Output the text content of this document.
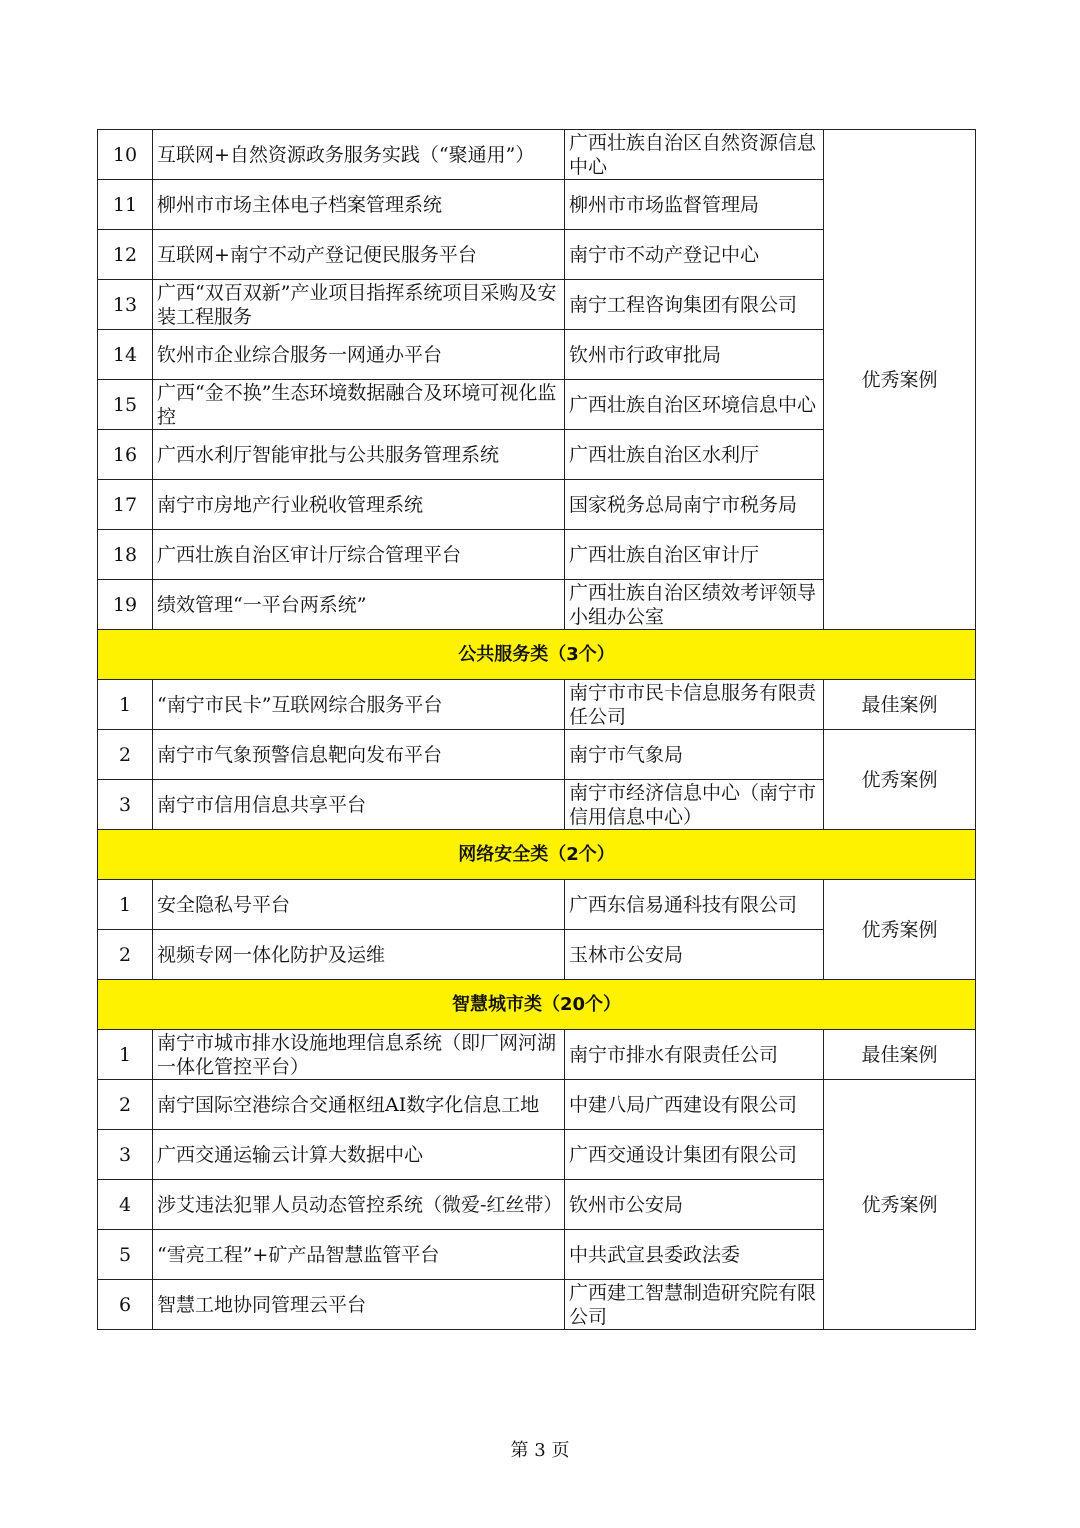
10	互联网+自然资源政务服务实践（“聚通用”）	广西壮族自治区自然资源信息中心	优秀案例
11	柳州市市场主体电子档案管理系统	柳州市市场监督管理局	
12	互联网+南宁不动产登记便民服务平台	南宁市不动产登记中心	
13	广西“双百双新”产业项目指挥系统项目采购及安装工程服务	南宁工程咨询集团有限公司	
14	钦州市企业综合服务一网通办平台	钦州市行政审批局	
15	广西“金不换”生态环境数据融合及环境可视化监控	广西壮族自治区环境信息中心	
16	广西水利厅智能审批与公共服务管理系统	广西壮族自治区水利厅	
17	南宁市房地产行业税收管理系统	国家税务总局南宁市税务局	
18	广西壮族自治区审计厅综合管理平台	广西壮族自治区审计厅	
19	绩效管理“一平台两系统”	广西壮族自治区绩效考评领导小组办公室	
公共服务类（3个）			
1	“南宁市民卡”互联网综合服务平台	南宁市市民卡信息服务有限责任公司	最佳案例
2	南宁市气象预警信息靶向发布平台	南宁市气象局	优秀案例
3	南宁市信用信息共享平台	南宁市经济信息中心（南宁市信用信息中心）	
网络安全类（2个）			
1	安全隐私号平台	广西东信易通科技有限公司	优秀案例
2	视频专网一体化防护及运维	玉林市公安局	
智慧城市类（20个）			
1	南宁市城市排水设施地理信息系统（即厂网河湖一体化管控平台）	南宁市排水有限责任公司	最佳案例
2	南宁国际空港综合交通枢纽AI数字化信息工地	中建八局广西建设有限公司	优秀案例
3	广西交通运输云计算大数据中心	广西交通设计集团有限公司	
4	涉艾违法犯罪人员动态管控系统（微爱-红丝带）	钦州市公安局	
5	“雪亮工程”+矿产品智慧监管平台	中共武宣县委政法委	
6	智慧工地协同管理云平台	广西建工智慧制造研究院有限公司	
第 3 页
